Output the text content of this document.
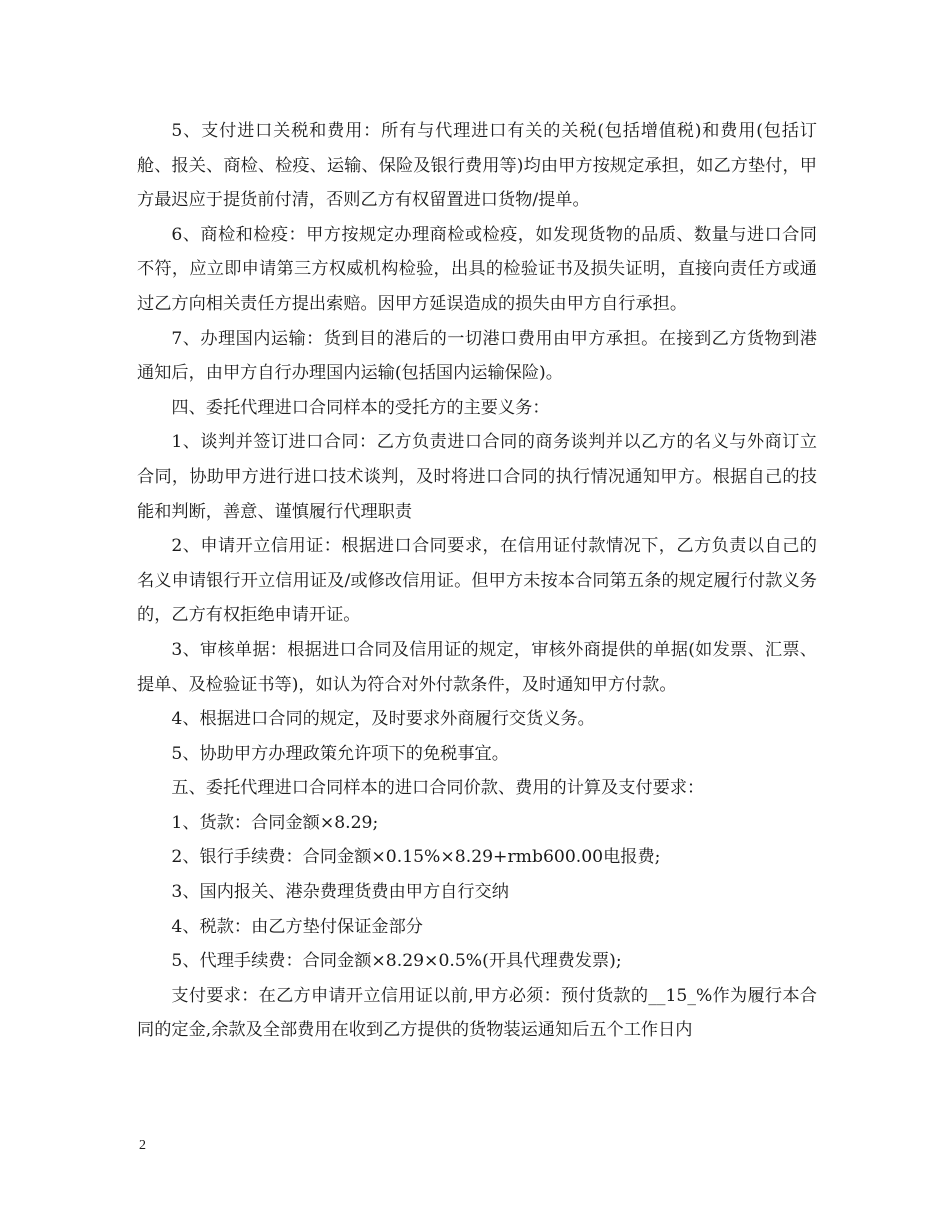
5、支付进口关税和费用：所有与代理进口有关的关税(包括增值税)和费用(包括订舱、报关、商检、检疫、运输、保险及银行费用等)均由甲方按规定承担，如乙方垫付，甲方最迟应于提货前付清，否则乙方有权留置进口货物/提单。

6、商检和检疫：甲方按规定办理商检或检疫，如发现货物的品质、数量与进口合同不符，应立即申请第三方权威机构检验，出具的检验证书及损失证明，直接向责任方或通过乙方向相关责任方提出索赔。因甲方延误造成的损失由甲方自行承担。

7、办理国内运输：货到目的港后的一切港口费用由甲方承担。在接到乙方货物到港通知后，由甲方自行办理国内运输(包括国内运输保险)。

四、委托代理进口合同样本的受托方的主要义务：

1、谈判并签订进口合同：乙方负责进口合同的商务谈判并以乙方的名义与外商订立合同，协助甲方进行进口技术谈判，及时将进口合同的执行情况通知甲方。根据自己的技能和判断，善意、谨慎履行代理职责

2、申请开立信用证：根据进口合同要求，在信用证付款情况下，乙方负责以自己的名义申请银行开立信用证及/或修改信用证。但甲方未按本合同第五条的规定履行付款义务的，乙方有权拒绝申请开证。

3、审核单据：根据进口合同及信用证的规定，审核外商提供的单据(如发票、汇票、提单、及检验证书等)，如认为符合对外付款条件，及时通知甲方付款。

4、根据进口合同的规定，及时要求外商履行交货义务。

5、协助甲方办理政策允许项下的免税事宜。

五、委托代理进口合同样本的进口合同价款、费用的计算及支付要求：

1、货款：合同金额×8.29;

2、银行手续费：合同金额×0.15%×8.29+rmb600.00电报费;

3、国内报关、港杂费理货费由甲方自行交纳

4、税款：由乙方垫付保证金部分

5、代理手续费：合同金额×8.29×0.5%(开具代理费发票);

支付要求：在乙方申请开立信用证以前,甲方必须：预付货款的__15_%作为履行本合同的定金,余款及全部费用在收到乙方提供的货物装运通知后五个工作日内

2
